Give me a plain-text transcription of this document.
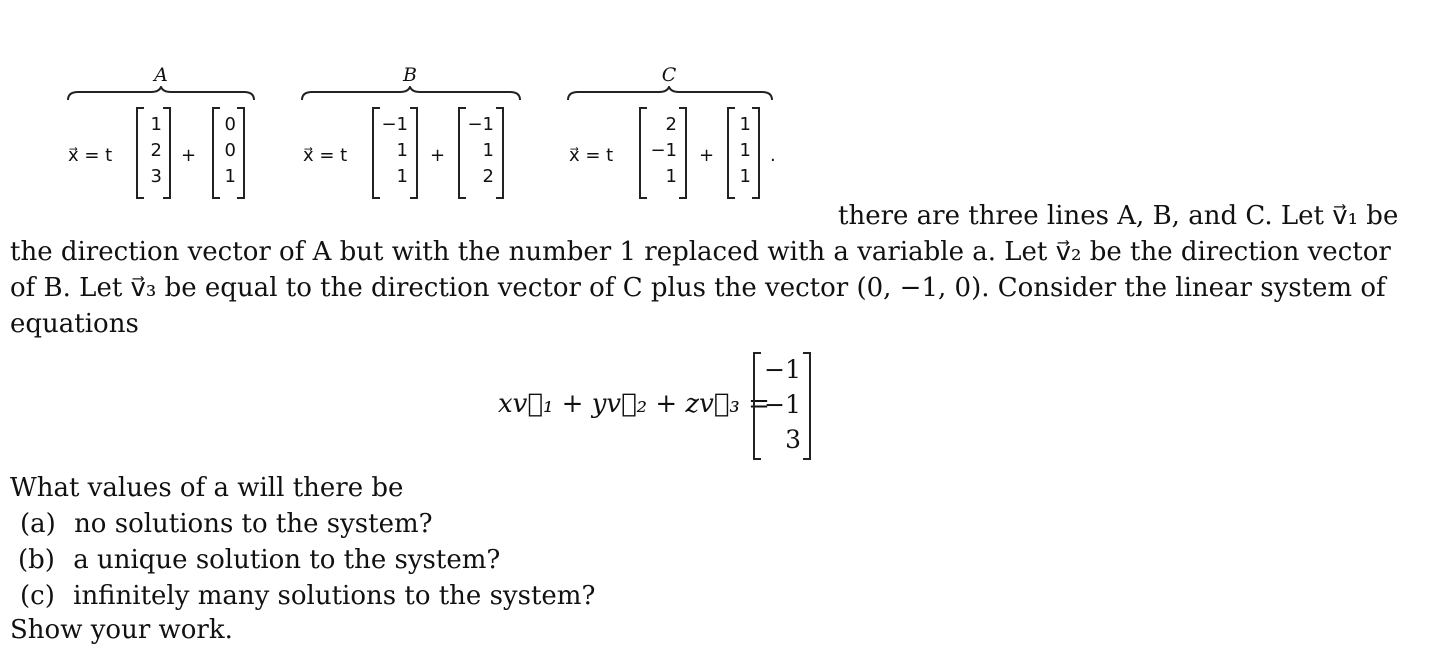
A
x⃗ = t
1
2
3
+
0
0
1
B
x⃗ = t
−1
1
1
+
−1
1
2
C
x⃗ = t
2
−1
1
+
1
1
1
.
there are three lines A, B, and C. Let v⃗₁ be
the direction vector of A but with the number 1 replaced with a variable a. Let v⃗₂ be the direction vector
of B. Let v⃗₃ be equal to the direction vector of C plus the vector (0, −1, 0). Consider the linear system of
equations
xv⃗₁ + yv⃗₂ + zv⃗₃ =
−1
−1
3
What values of a will there be
(a) no solutions to the system?
(b) a unique solution to the system?
(c) infinitely many solutions to the system?
Show your work.
